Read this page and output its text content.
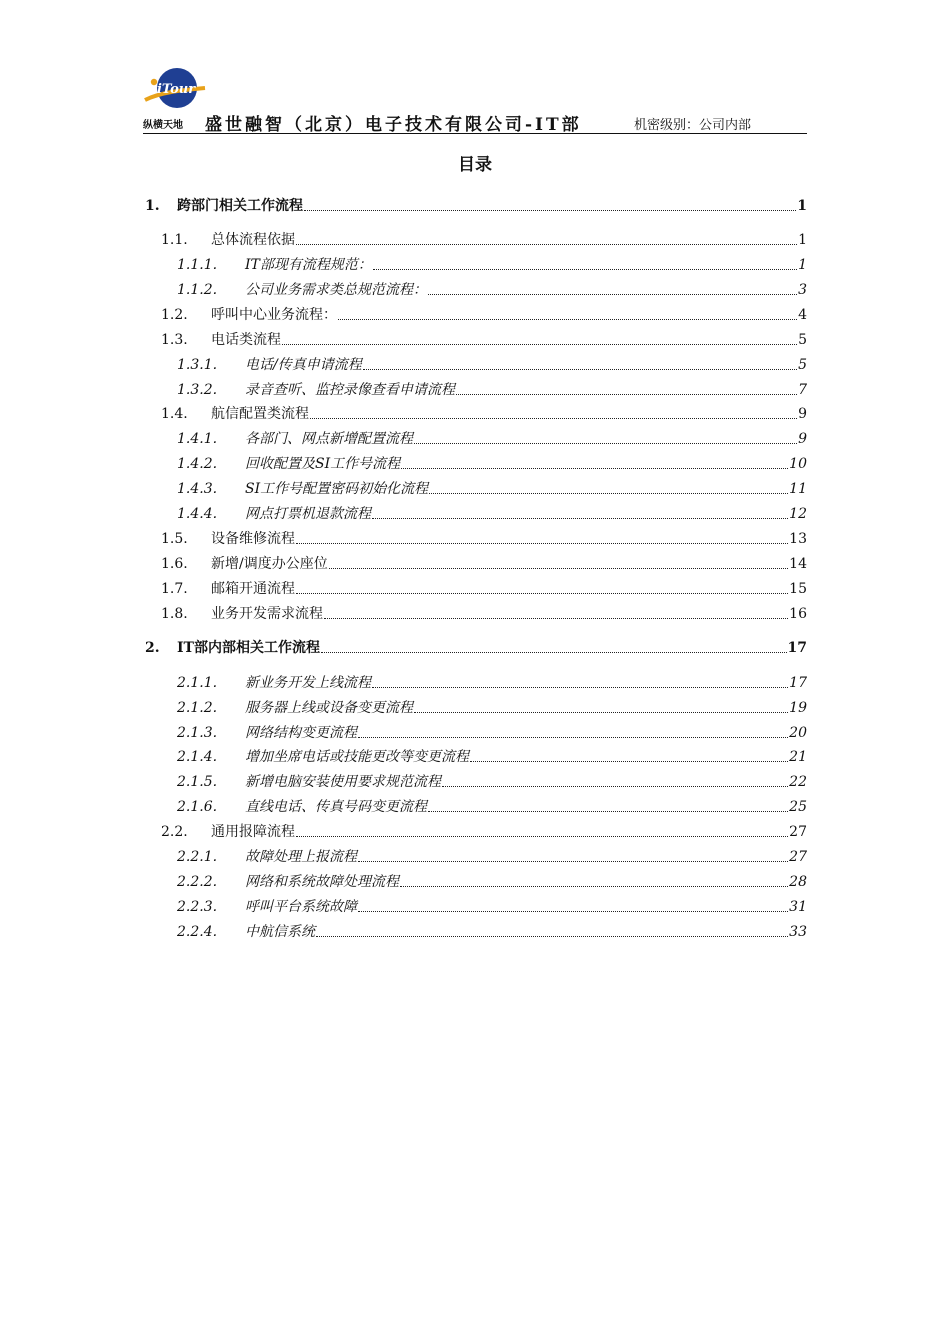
iTour
纵横天地 盛世融智（北京）电子技术有限公司-IT部	机密级别：公司内部
目录
1.	跨部门相关工作流程	1
1.1.	总体流程依据	1
1.1.1.	IT部现有流程规范：	1
1.1.2.	公司业务需求类总规范流程：	3
1.2.	呼叫中心业务流程：	4
1.3.	电话类流程	5
1.3.1.	电话/传真申请流程	5
1.3.2.	录音查听、监控录像查看申请流程	7
1.4.	航信配置类流程	9
1.4.1.	各部门、网点新增配置流程	9
1.4.2.	回收配置及SI工作号流程	10
1.4.3.	SI工作号配置密码初始化流程	11
1.4.4.	网点打票机退款流程	12
1.5.	设备维修流程	13
1.6.	新增/调度办公座位	14
1.7.	邮箱开通流程	15
1.8.	业务开发需求流程	16
2.	IT部内部相关工作流程	17
2.1.1.	新业务开发上线流程	17
2.1.2.	服务器上线或设备变更流程	19
2.1.3.	网络结构变更流程	20
2.1.4.	增加坐席电话或技能更改等变更流程	21
2.1.5.	新增电脑安装使用要求规范流程	22
2.1.6.	直线电话、传真号码变更流程	25
2.2.	通用报障流程	27
2.2.1.	故障处理上报流程	27
2.2.2.	网络和系统故障处理流程	28
2.2.3.	呼叫平台系统故障	31
2.2.4.	中航信系统	33
